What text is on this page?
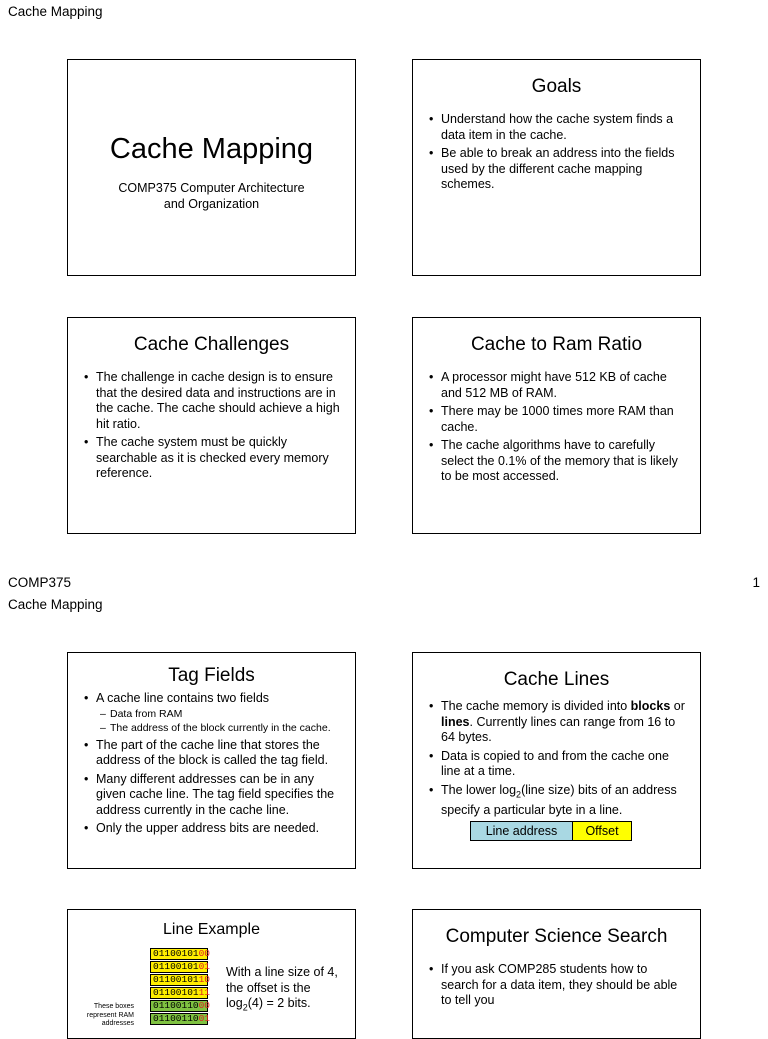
Cache Mapping
Cache Mapping
COMP375 Computer Architecture
and Organization
Goals
• Understand how the cache system finds a data item in the cache.
• Be able to break an address into the fields used by the different cache mapping schemes.
Cache Challenges
• The challenge in cache design is to ensure that the desired data and instructions are in the cache. The cache should achieve a high hit ratio.
• The cache system must be quickly searchable as it is checked every memory reference.
Cache to Ram Ratio
• A processor might have 512 KB of cache and 512 MB of RAM.
• There may be 1000 times more RAM than cache.
• The cache algorithms have to carefully select the 0.1% of the memory that is likely to be most accessed.
COMP375	1
Cache Mapping
Tag Fields
• A cache line contains two fields
– Data from RAM
– The address of the block currently in the cache.
• The part of the cache line that stores the address of the block is called the tag field.
• Many different addresses can be in any given cache line. The tag field specifies the address currently in the cache line.
• Only the upper address bits are needed.
Cache Lines
• The cache memory is divided into blocks or lines. Currently lines can range from 16 to 64 bytes.
• Data is copied to and from the cache one line at a time.
• The lower $\log_2(line$ size) bits of an address specify a particular byte in a line.
Line address	Offset
Line Example
0110010100
0110010101
0110010110
0110010111
0110011000
0110011001
These boxes represent RAM addresses
With a line size of 4,
the offset is the
$\log_2(4) = 2$ bits.
Computer Science Search
• If you ask COMP285 students how to search for a data item, they should be able to tell you
